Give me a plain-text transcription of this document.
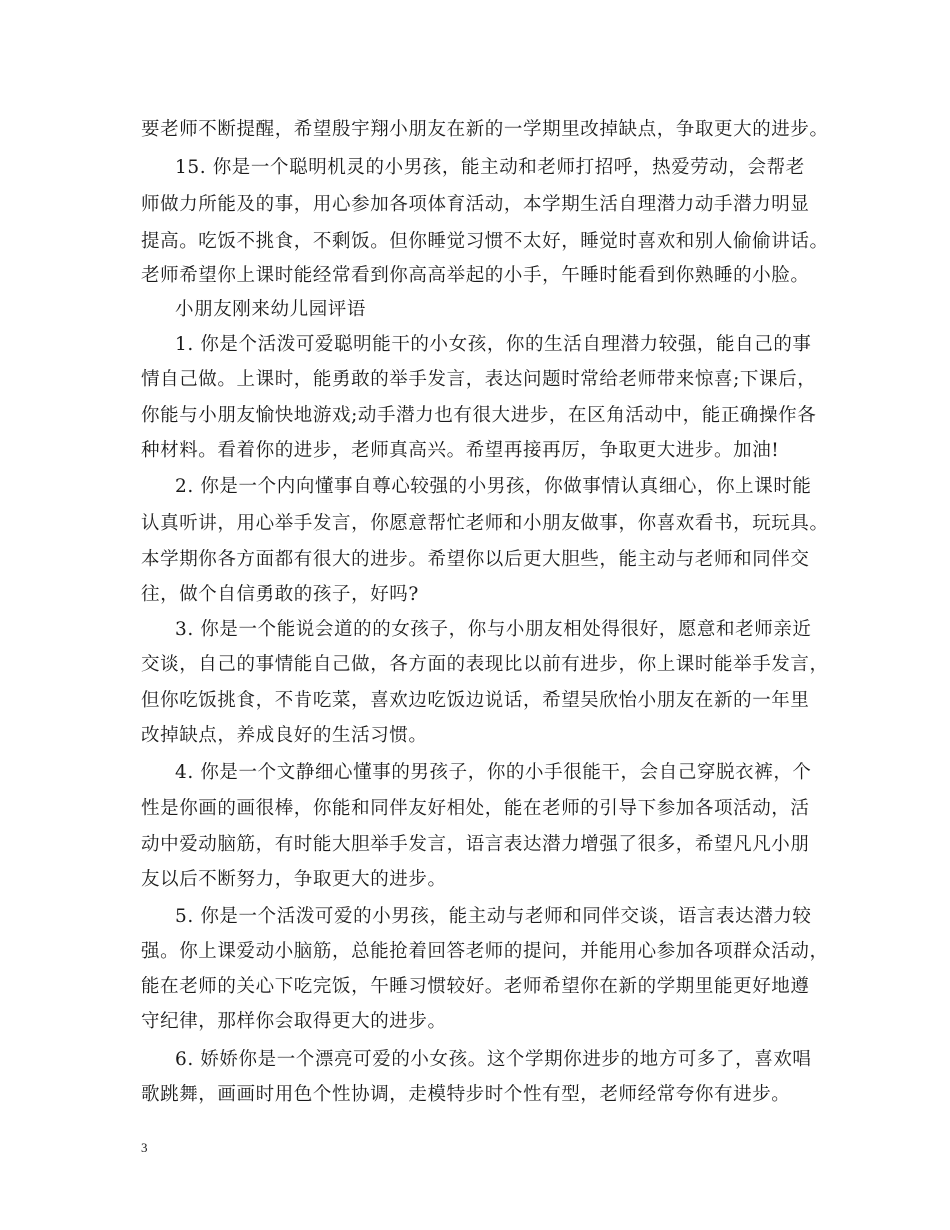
要老师不断提醒，希望殷宇翔小朋友在新的一学期里改掉缺点，争取更大的进步。
15. 你是一个聪明机灵的小男孩，能主动和老师打招呼，热爱劳动，会帮老
师做力所能及的事，用心参加各项体育活动，本学期生活自理潜力动手潜力明显
提高。吃饭不挑食，不剩饭。但你睡觉习惯不太好，睡觉时喜欢和别人偷偷讲话。
老师希望你上课时能经常看到你高高举起的小手，午睡时能看到你熟睡的小脸。
小朋友刚来幼儿园评语
1. 你是个活泼可爱聪明能干的小女孩，你的生活自理潜力较强，能自己的事
情自己做。上课时，能勇敢的举手发言，表达问题时常给老师带来惊喜;下课后，
你能与小朋友愉快地游戏;动手潜力也有很大进步，在区角活动中，能正确操作各
种材料。看着你的进步，老师真高兴。希望再接再厉，争取更大进步。加油!
2. 你是一个内向懂事自尊心较强的小男孩，你做事情认真细心，你上课时能
认真听讲，用心举手发言，你愿意帮忙老师和小朋友做事，你喜欢看书，玩玩具。
本学期你各方面都有很大的进步。希望你以后更大胆些，能主动与老师和同伴交
往，做个自信勇敢的孩子，好吗?
3. 你是一个能说会道的的女孩子，你与小朋友相处得很好，愿意和老师亲近
交谈，自己的事情能自己做，各方面的表现比以前有进步，你上课时能举手发言，
但你吃饭挑食，不肯吃菜，喜欢边吃饭边说话，希望吴欣怡小朋友在新的一年里
改掉缺点，养成良好的生活习惯。
4. 你是一个文静细心懂事的男孩子，你的小手很能干，会自己穿脱衣裤，个
性是你画的画很棒，你能和同伴友好相处，能在老师的引导下参加各项活动，活
动中爱动脑筋，有时能大胆举手发言，语言表达潜力增强了很多，希望凡凡小朋
友以后不断努力，争取更大的进步。
5. 你是一个活泼可爱的小男孩，能主动与老师和同伴交谈，语言表达潜力较
强。你上课爱动小脑筋，总能抢着回答老师的提问，并能用心参加各项群众活动，
能在老师的关心下吃完饭，午睡习惯较好。老师希望你在新的学期里能更好地遵
守纪律，那样你会取得更大的进步。
6. 娇娇你是一个漂亮可爱的小女孩。这个学期你进步的地方可多了，喜欢唱
歌跳舞，画画时用色个性协调，走模特步时个性有型，老师经常夸你有进步。
3
